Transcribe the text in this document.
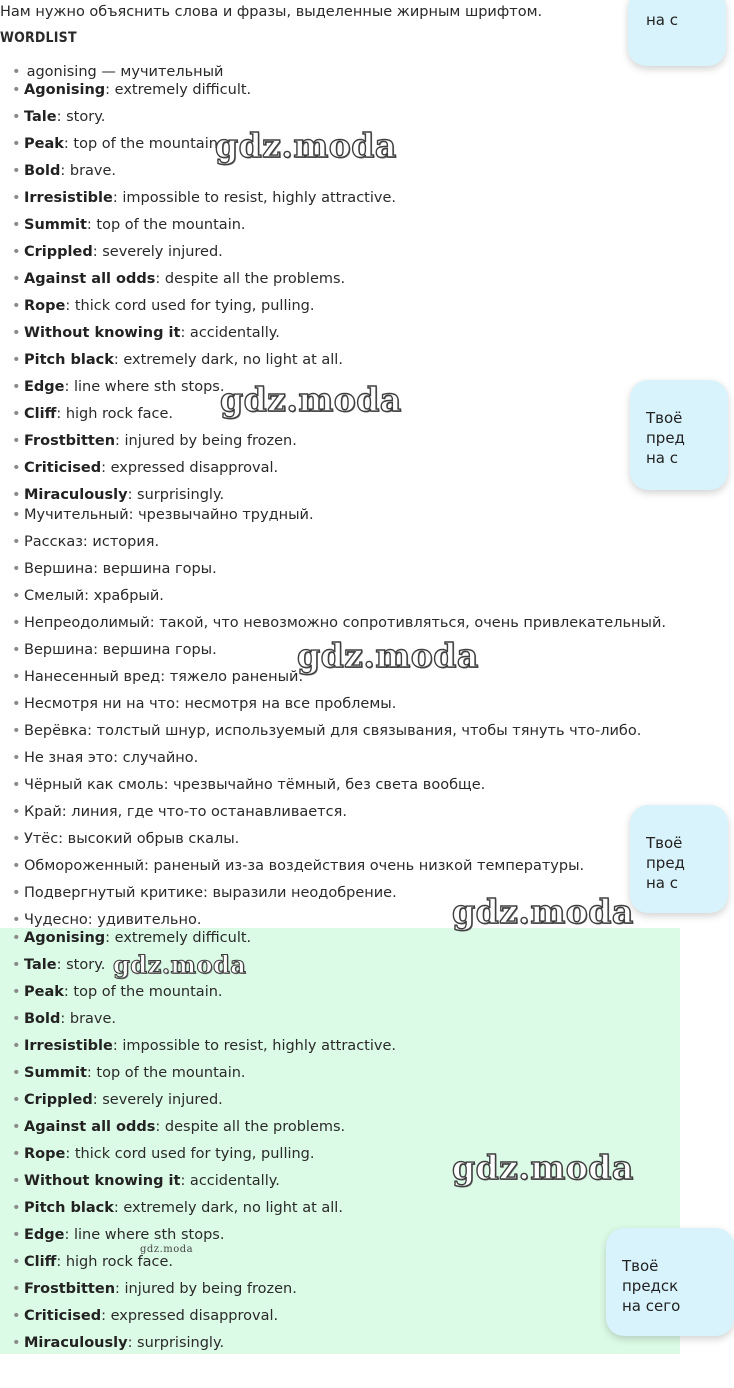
Нам нужно объяснить слова и фразы, выделенные жирным шрифтом.
WORDLIST
• agonising — мучительный
• Agonising: extremely difficult.
• Tale: story.
• Peak: top of the mountain.
• Bold: brave.
• Irresistible: impossible to resist, highly attractive.
• Summit: top of the mountain.
• Crippled: severely injured.
• Against all odds: despite all the problems.
• Rope: thick cord used for tying, pulling.
• Without knowing it: accidentally.
• Pitch black: extremely dark, no light at all.
• Edge: line where sth stops.
• Cliff: high rock face.
• Frostbitten: injured by being frozen.
• Criticised: expressed disapproval.
• Miraculously: surprisingly.
• Мучительный: чрезвычайно трудный.
• Рассказ: история.
• Вершина: вершина горы.
• Смелый: храбрый.
• Непреодолимый: такой, что невозможно сопротивляться, очень привлекательный.
• Вершина: вершина горы.
• Нанесенный вред: тяжело раненый.
• Несмотря ни на что: несмотря на все проблемы.
• Верёвка: толстый шнур, используемый для связывания, чтобы тянуть что-либо.
• Не зная это: случайно.
• Чёрный как смоль: чрезвычайно тёмный, без света вообще.
• Край: линия, где что-то останавливается.
• Утёс: высокий обрыв скалы.
• Обмороженный: раненый из-за воздействия очень низкой температуры.
• Подвергнутый критике: выразили неодобрение.
• Чудесно: удивительно.
• Agonising: extremely difficult.
• Tale: story.
• Peak: top of the mountain.
• Bold: brave.
• Irresistible: impossible to resist, highly attractive.
• Summit: top of the mountain.
• Crippled: severely injured.
• Against all odds: despite all the problems.
• Rope: thick cord used for tying, pulling.
• Without knowing it: accidentally.
• Pitch black: extremely dark, no light at all.
• Edge: line where sth stops.
• Cliff: high rock face.
• Frostbitten: injured by being frozen.
• Criticised: expressed disapproval.
• Miraculously: surprisingly.
на с
Твоё
пред
на с
Твоё
пред
на с
Твоё
предск
на сего
gdz.moda
gdz.moda
gdz.moda
gdz.moda
gdz.moda
gdz.moda
gdz.moda
